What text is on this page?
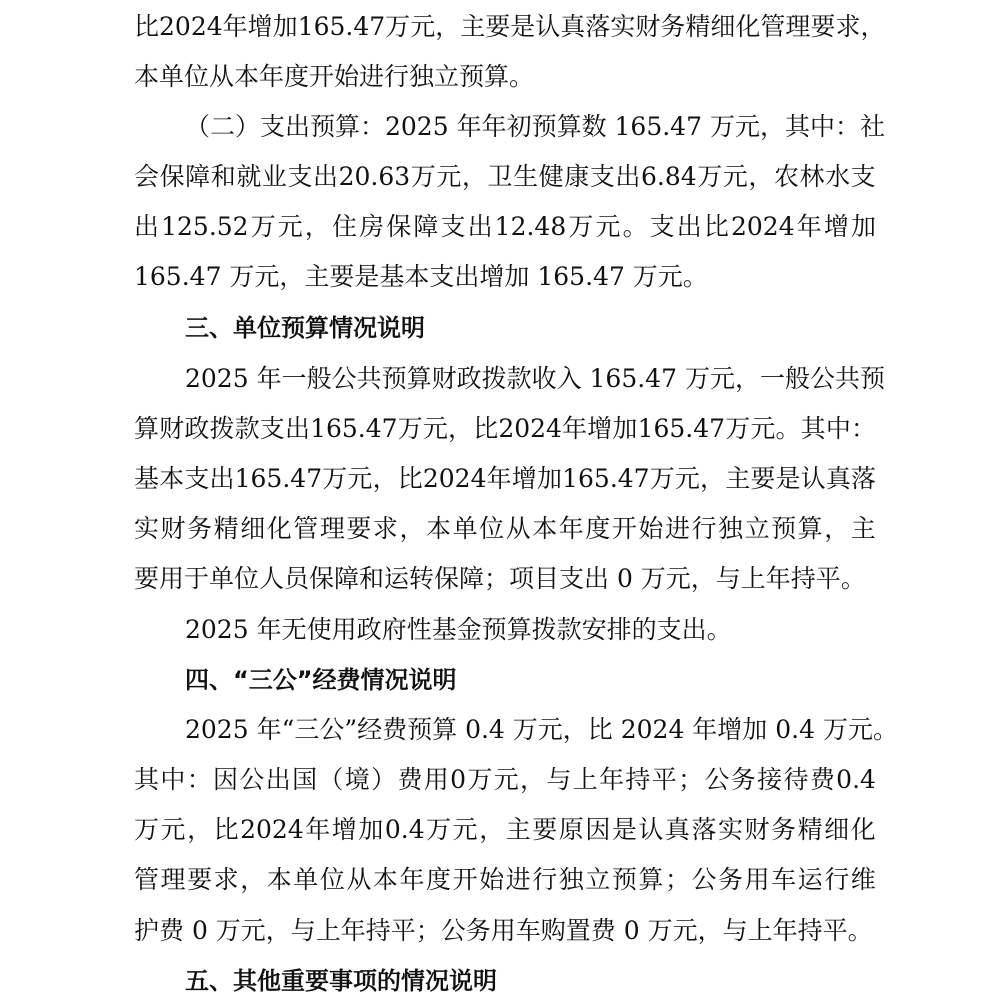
比 2024 年 增 加 165.47 万 元 ， 主 要 是 认 真 落 实 财 务 精 细 化 管 理 要 求 ，
本单位从本年度开始进行独立预算。
（二）支出预算：2025 年年初预算数 165.47 万元，其中：社
会 保 障 和 就 业 支 出 20.63 万 元 ， 卫 生 健 康 支 出 6.84 万 元 ， 农 林 水 支
出 125.52 万 元 ， 住 房 保 障 支 出 12.48 万 元 。 支 出 比 2024 年 增 加
165.47 万元，主要是基本支出增加 165.47 万元。
三、单位预算情况说明
2025 年一般公共预算财政拨款收入 165.47 万元，一般公共预
算 财 政 拨 款 支 出 165.47 万 元 ， 比 2024 年 增 加 165.47 万 元 。 其 中 ：
基 本 支 出 165.47 万 元 ， 比 2024 年 增 加 165.47 万 元 ， 主 要 是 认 真 落
实 财 务 精 细 化 管 理 要 求 ， 本 单 位 从 本 年 度 开 始 进 行 独 立 预 算 ， 主
要用于单位人员保障和运转保障；项目支出 0 万元，与上年持平。
2025 年无使用政府性基金预算拨款安排的支出。
四、“三公”经费情况说明
2025 年“三公”经费预算 0.4 万元，比 2024 年增加 0.4 万元。
其 中 ： 因 公 出 国 （ 境 ） 费 用 0 万 元 ， 与 上 年 持 平 ； 公 务 接 待 费 0.4
万 元 ， 比 2024 年 增 加 0.4 万 元 ， 主 要 原 因 是 认 真 落 实 财 务 精 细 化
管 理 要 求 ， 本 单 位 从 本 年 度 开 始 进 行 独 立 预 算 ； 公 务 用 车 运 行 维
护费 0 万元，与上年持平；公务用车购置费 0 万元，与上年持平。
五、其他重要事项的情况说明
